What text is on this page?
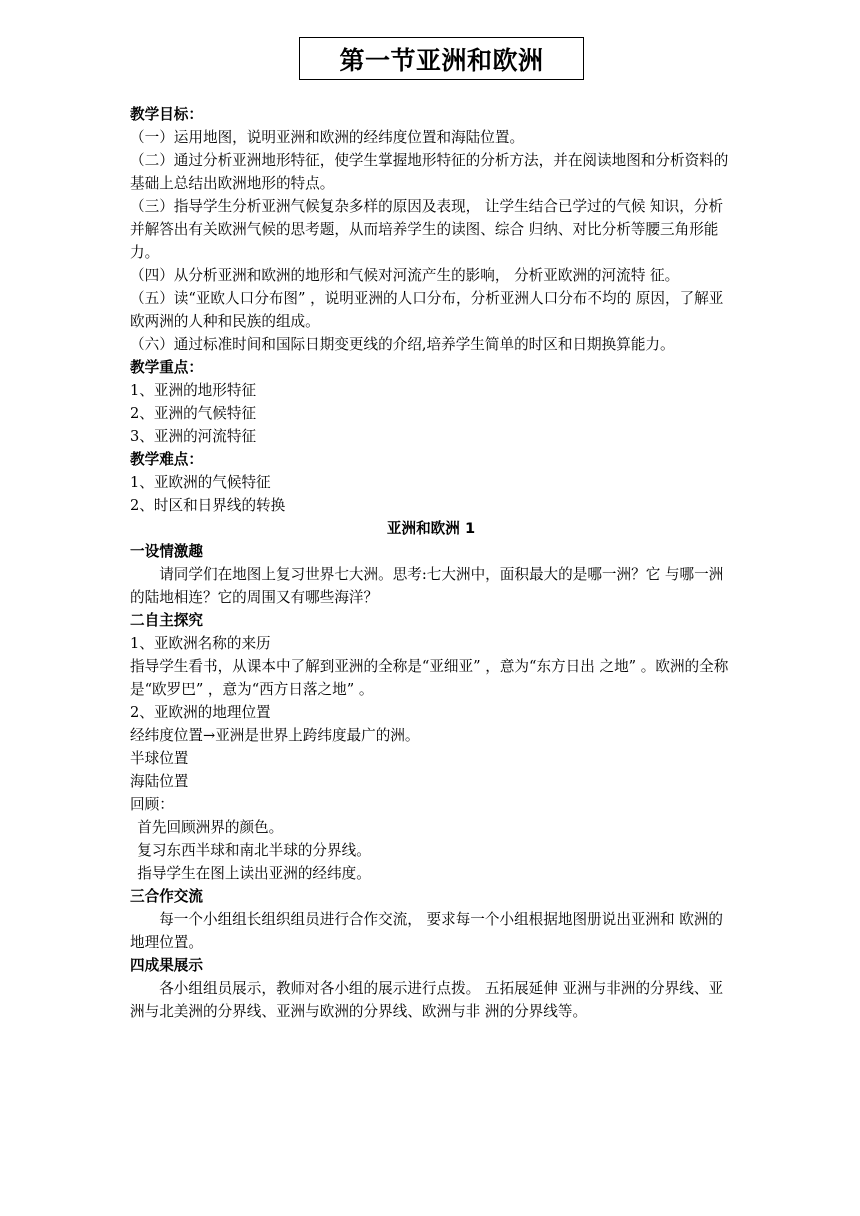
第一节亚洲和欧洲

教学目标：

（一）运用地图，说明亚洲和欧洲的经纬度位置和海陆位置。

（二）通过分析亚洲地形特征，使学生掌握地形特征的分析方法，并在阅读地图和分析资料的基础上总结出欧洲地形的特点。

（三）指导学生分析亚洲气候复杂多样的原因及表现， 让学生结合已学过的气候 知识，分析并解答出有关欧洲气候的思考题，从而培养学生的读图、综合 归纳、对比分析等腰三角形能力。

（四）从分析亚洲和欧洲的地形和气候对河流产生的影响， 分析亚欧洲的河流特 征。

（五）读“亚欧人口分布图” ，说明亚洲的人口分布，分析亚洲人口分布不均的 原因，了解亚欧两洲的人种和民族的组成。

（六）通过标准时间和国际日期变更线的介绍,培养学生简单的时区和日期换算能力。

教学重点：

1、亚洲的地形特征

2、亚洲的气候特征

3、亚洲的河流特征

教学难点：

1、亚欧洲的气候特征

2、时区和日界线的转换

亚洲和欧洲 1

一设情激趣

请同学们在地图上复习世界七大洲。思考:七大洲中，面积最大的是哪一洲？它 与哪一洲的陆地相连？它的周围又有哪些海洋？

二自主探究

1、亚欧洲名称的来历

指导学生看书，从课本中了解到亚洲的全称是“亚细亚” ，意为“东方日出 之地” 。欧洲的全称是“欧罗巴” ，意为“西方日落之地” 。

2、亚欧洲的地理位置

经纬度位置→亚洲是世界上跨纬度最广的洲。

半球位置

海陆位置

回顾：

首先回顾洲界的颜色。

复习东西半球和南北半球的分界线。

指导学生在图上读出亚洲的经纬度。

三合作交流

每一个小组组长组织组员进行合作交流， 要求每一个小组根据地图册说出亚洲和 欧洲的地理位置。

四成果展示

各小组组员展示，教师对各小组的展示进行点拨。 五拓展延伸 亚洲与非洲的分界线、亚洲与北美洲的分界线、亚洲与欧洲的分界线、欧洲与非 洲的分界线等。
